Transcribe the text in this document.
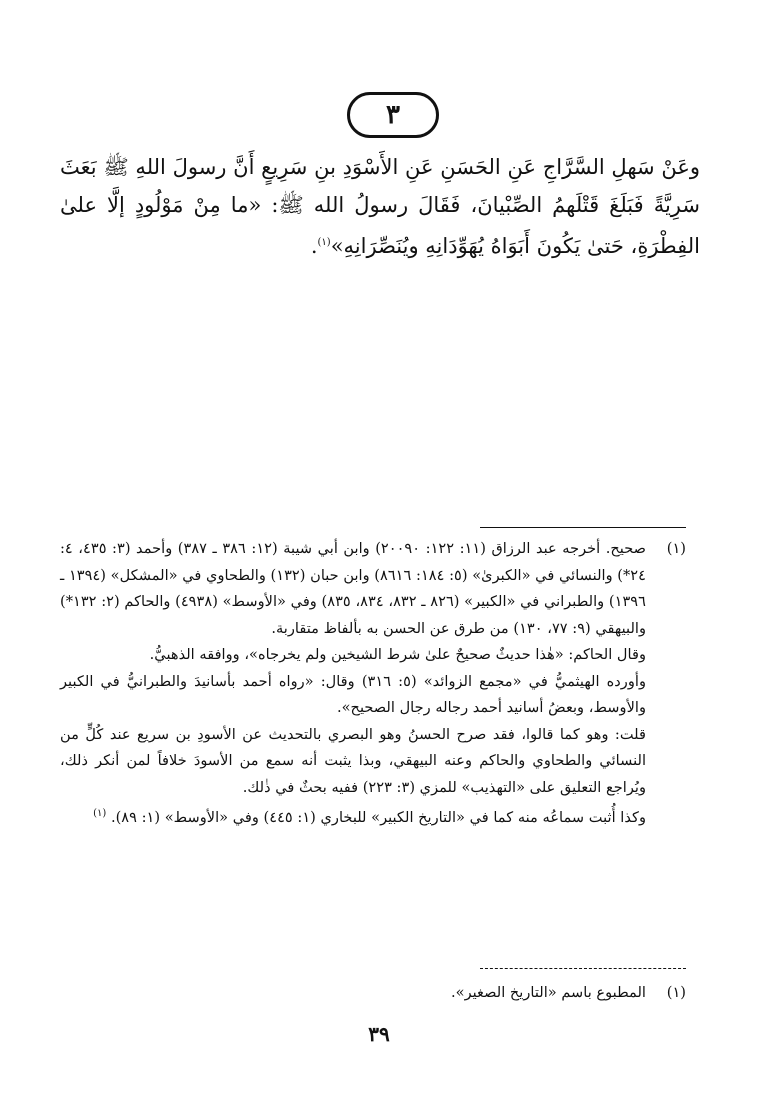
٣

وعَنْ سَهلِ السَّرَّاجِ عَنِ الحَسَنِ عَنِ الأَسْوَدِ بنِ سَرِيعٍ أَنَّ رسولَ اللهِ ﷺ بَعَثَ سَرِيَّةً فَبَلَغَ قَتْلَهمُ الصِّبْيانَ، فَقَالَ رسولُ الله ﷺ: «ما مِنْ مَوْلُودٍ إلَّا علىٰ الفِطْرَةِ، حَتىٰ يَكُونَ أَبَوَاهُ يُهَوِّدَانِهِ ويُنَصِّرَانِهِ»$^{(١)}$.

(١)

صحيح. أخرجه عبد الرزاق (١١: ١٢٢: ٢٠٠٩٠) وابن أبي شيبة (١٢: ٣٨٦ ـ ٣٨٧) وأحمد (٣: ٤٣٥، ٤: ٢٤*) والنسائي في «الكبرىٰ» (٥: ١٨٤: ٨٦١٦) وابن حبان (١٣٢) والطحاوي في «المشكل» (١٣٩٤ ـ ١٣٩٦) والطبراني في «الكبير» (٨٢٦ ـ ٨٣٢، ٨٣٤، ٨٣٥) وفي «الأوسط» (٤٩٣٨) والحاكم (٢: ١٣٢*) والبيهقي (٩: ٧٧، ١٣٠) من طرق عن الحسن به بألفاظ متقاربة.

وقال الحاكم: «هٰذا حديثٌ صحيحٌ علىٰ شرط الشيخين ولم يخرجاه»، ووافقه الذهبيُّ.

وأورده الهيثميُّ في «مجمع الزوائد» (٥: ٣١٦) وقال: «رواه أحمد بأسانيدَ والطبرانيُّ في الكبير والأوسط، وبعضُ أسانيد أحمد رجاله رجال الصحيح».

قلت: وهو كما قالوا، فقد صرح الحسنُ وهو البصري بالتحديث عن الأسودِ بن سريع عند كُلٍّ من النسائي والطحاوي والحاكم وعنه البيهقي، وبذا يثبت أنه سمع من الأسودَ خلافاً لمن أنكر ذلك، ويُراجع التعليق على «التهذيب» للمزي (٣: ٢٢٣) ففيه بحثٌ في ذٰلك.

وكذا أُثبت سماعُه منه كما في «التاريخ الكبير» للبخاري (١: ٤٤٥) وفي «الأوسط» (١: ٨٩). $^{(١)}$

(١)
المطبوع باسم «التاريخ الصغير».
٣٩
